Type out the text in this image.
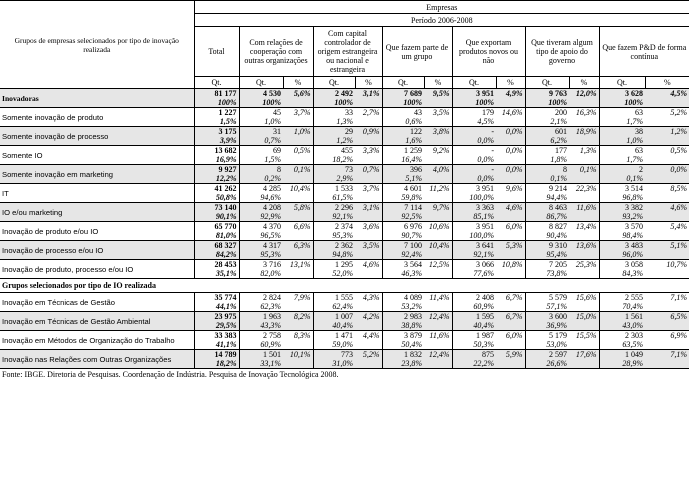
Grupos de empresas selecionados por tipo de inovação realizada	Empresas												
	Período 2006-2008												
	Total	Com relações de cooperação com outras organizações		Com capital controlador de origem estrangeira ou nacional e estrangeira		Que fazem parte de um grupo		Que exportam produtos novos ou não		Que tiveram algum tipo de apoio do governo		Que fazem P&D de forma contínua	
	Qt.	Qt.	%	Qt.	%	Qt.	%	Qt.	%	Qt.	%	Qt.	%
Inovadoras	81 177	4 530	5,6%	2 492	3,1%	7 689	9,5%	3 951	4,9%	9 763	12,0%	3 628	4,5%
	100%	100%		100%		100%		100%		100%		100%	
Somente inovação de produto	1 227	45	3,7%	33	2,7%	43	3,5%	179	14,6%	200	16,3%	63	5,2%
	1,5%	1,0%		1,3%		0,6%		4,5%		2,1%		1,7%	
Somente inovação de processo	3 175	31	1,0%	29	0,9%	122	3,8%	-	0,0%	601	18,9%	38	1,2%
	3,9%	0,7%		1,2%		1,6%		0,0%		6,2%		1,0%	
Somente IO	13 682	69	0,5%	455	3,3%	1 259	9,2%	-	0,0%	177	1,3%	63	0,5%
	16,9%	1,5%		18,2%		16,4%		0,0%		1,8%		1,7%	
Somente inovação em marketing	9 927	8	0,1%	73	0,7%	396	4,0%	-	0,0%	8	0,1%	2	0,0%
	12,2%	0,2%		2,9%		5,1%		0,0%		0,1%		0,1%	
IT	41 262	4 285	10,4%	1 533	3,7%	4 601	11,2%	3 951	9,6%	9 214	22,3%	3 514	8,5%
	50,8%	94,6%		61,5%		59,8%		100,0%		94,4%		96,8%	
IO e/ou marketing	73 140	4 208	5,8%	2 296	3,1%	7 114	9,7%	3 363	4,6%	8 463	11,6%	3 382	4,6%
	90,1%	92,9%		92,1%		92,5%		85,1%		86,7%		93,2%	
Inovação de produto e/ou IO	65 770	4 370	6,6%	2 374	3,6%	6 976	10,6%	3 951	6,0%	8 827	13,4%	3 570	5,4%
	81,0%	96,5%		95,3%		90,7%		100,0%		90,4%		98,4%	
Inovação de processo e/ou IO	68 327	4 317	6,3%	2 362	3,5%	7 100	10,4%	3 641	5,3%	9 310	13,6%	3 483	5,1%
	84,2%	95,3%		94,8%		92,4%		92,1%		95,4%		96,0%	
Inovação de produto, processo e/ou IO	28 453	3 716	13,1%	1 295	4,6%	3 564	12,5%	3 066	10,8%	7 205	25,3%	3 058	10,7%
	35,1%	82,0%		52,0%		46,3%		77,6%		73,8%		84,3%	
Grupos selecionados por tipo de IO realizada													
Inovação em Técnicas de Gestão	35 774	2 824	7,9%	1 555	4,3%	4 089	11,4%	2 408	6,7%	5 579	15,6%	2 555	7,1%
	44,1%	62,3%		62,4%		53,2%		60,9%		57,1%		70,4%	
Inovação em Técnicas de Gestão Ambiental	23 975	1 963	8,2%	1 007	4,2%	2 983	12,4%	1 595	6,7%	3 600	15,0%	1 561	6,5%
	29,5%	43,3%		40,4%		38,8%		40,4%		36,9%		43,0%	
Inovação em Métodos de Organização do Trabalho	33 383	2 758	8,3%	1 471	4,4%	3 879	11,6%	1 987	6,0%	5 179	15,5%	2 303	6,9%
	41,1%	60,9%		59,0%		50,4%		50,3%		53,0%		63,5%	
Inovação nas Relações com Outras Organizações	14 789	1 501	10,1%	773	5,2%	1 832	12,4%	875	5,9%	2 597	17,6%	1 049	7,1%
	18,2%	33,1%		31,0%		23,8%		22,2%		26,6%		28,9%	
Fonte: IBGE. Diretoria de Pesquisas. Coordenação de Indústria. Pesquisa de Inovação Tecnológica 2008.													
